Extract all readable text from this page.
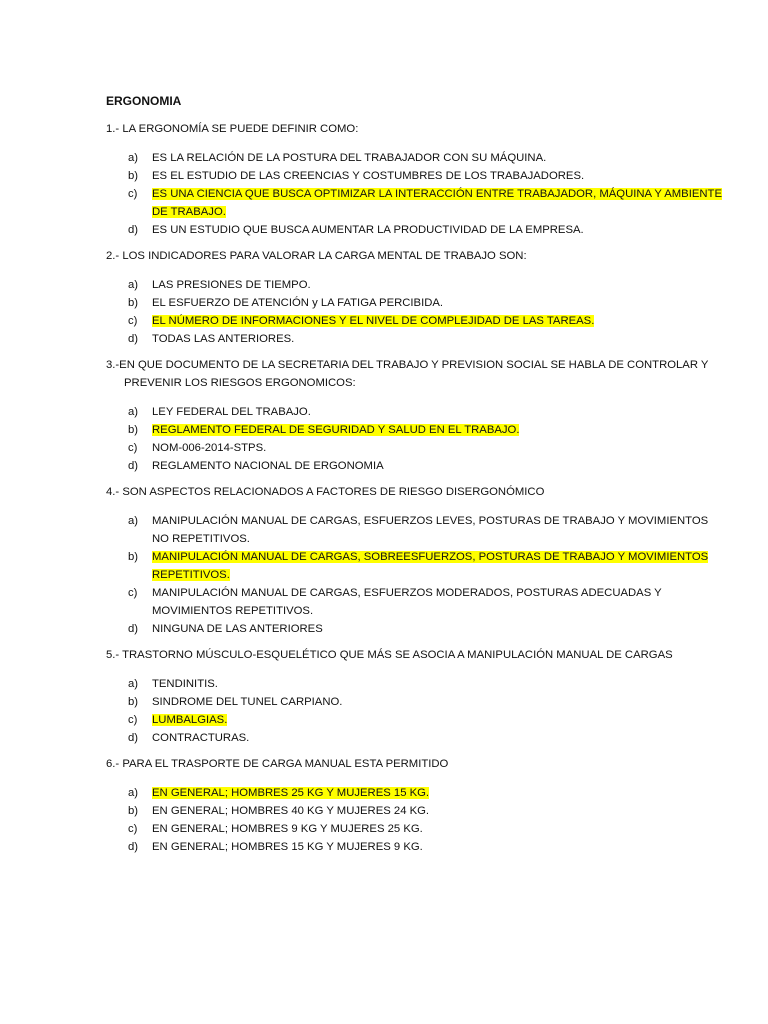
ERGONOMIA
1.- LA ERGONOMÍA SE PUEDE DEFINIR COMO:
a)	ES LA RELACIÓN DE LA POSTURA DEL TRABAJADOR CON SU MÁQUINA.
b)	ES EL ESTUDIO DE LAS CREENCIAS Y COSTUMBRES DE LOS TRABAJADORES.
c)	ES UNA CIENCIA QUE BUSCA OPTIMIZAR LA INTERACCIÓN ENTRE TRABAJADOR, MÁQUINA Y AMBIENTE DE TRABAJO.
d)	ES UN ESTUDIO QUE BUSCA AUMENTAR LA PRODUCTIVIDAD DE LA EMPRESA.
2.- LOS INDICADORES PARA VALORAR LA CARGA MENTAL DE TRABAJO SON:
a)	LAS PRESIONES DE TIEMPO.
b)	EL ESFUERZO DE ATENCIÓN y LA FATIGA PERCIBIDA.
c)	EL NÚMERO DE INFORMACIONES Y EL NIVEL DE COMPLEJIDAD DE LAS TAREAS.
d)	TODAS LAS ANTERIORES.
3.-EN QUE DOCUMENTO DE LA SECRETARIA DEL TRABAJO Y PREVISION SOCIAL SE HABLA DE CONTROLAR Y PREVENIR LOS RIESGOS ERGONOMICOS:
a)	LEY FEDERAL DEL TRABAJO.
b)	REGLAMENTO FEDERAL DE SEGURIDAD Y SALUD EN EL TRABAJO.
c)	NOM-006-2014-STPS.
d)	REGLAMENTO NACIONAL DE ERGONOMIA
4.- SON ASPECTOS RELACIONADOS A FACTORES DE RIESGO DISERGONÓMICO
a)	MANIPULACIÓN MANUAL DE CARGAS, ESFUERZOS LEVES, POSTURAS DE TRABAJO Y MOVIMIENTOS NO REPETITIVOS.
b)	MANIPULACIÓN MANUAL DE CARGAS, SOBREESFUERZOS, POSTURAS DE TRABAJO Y MOVIMIENTOS REPETITIVOS.
c)	MANIPULACIÓN MANUAL DE CARGAS, ESFUERZOS MODERADOS, POSTURAS ADECUADAS Y MOVIMIENTOS REPETITIVOS.
d)	NINGUNA DE LAS ANTERIORES
5.- TRASTORNO MÚSCULO-ESQUELÉTICO QUE MÁS SE ASOCIA A MANIPULACIÓN MANUAL DE CARGAS
a)	TENDINITIS.
b)	SINDROME DEL TUNEL CARPIANO.
c)	LUMBALGIAS.
d)	CONTRACTURAS.
6.- PARA EL TRASPORTE DE CARGA MANUAL ESTA PERMITIDO
a)	EN GENERAL; HOMBRES 25 KG Y MUJERES 15 KG.
b)	EN GENERAL; HOMBRES 40 KG Y MUJERES 24 KG.
c)	EN GENERAL; HOMBRES 9 KG Y MUJERES 25 KG.
d)	EN GENERAL; HOMBRES 15 KG Y MUJERES 9 KG.
